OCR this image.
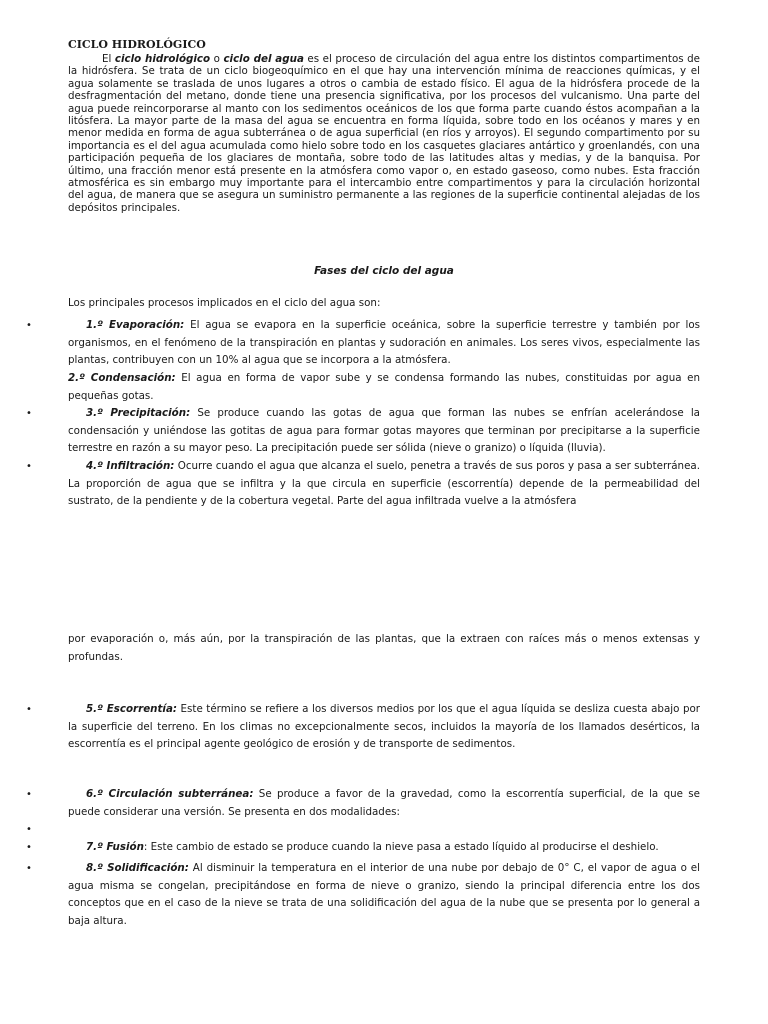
CICLO HIDROLÓGICO
El ciclo hidrológico o ciclo del agua es el proceso de circulación del agua entre los distintos compartimentos de la hidrósfera. Se trata de un ciclo biogeoquímico en el que hay una intervención mínima de reacciones químicas, y el agua solamente se traslada de unos lugares a otros o cambia de estado físico. El agua de la hidrósfera procede de la desfragmentación del metano, donde tiene una presencia significativa, por los procesos del vulcanismo. Una parte del agua puede reincorporarse al manto con los sedimentos oceánicos de los que forma parte cuando éstos acompañan a la litósfera. La mayor parte de la masa del agua se encuentra en forma líquida, sobre todo en los océanos y mares y en menor medida en forma de agua subterránea o de agua superficial (en ríos y arroyos). El segundo compartimento por su importancia es el del agua acumulada como hielo sobre todo en los casquetes glaciares antártico y groenlandés, con una participación pequeña de los glaciares de montaña, sobre todo de las latitudes altas y medias, y de la banquisa. Por último, una fracción menor está presente en la atmósfera como vapor o, en estado gaseoso, como nubes. Esta fracción atmosférica es sin embargo muy importante para el intercambio entre compartimentos y para la circulación horizontal del agua, de manera que se asegura un suministro permanente a las regiones de la superficie continental alejadas de los depósitos principales.
Fases del ciclo del agua
Los principales procesos implicados en el ciclo del agua son:
•	1.º Evaporación: El agua se evapora en la superficie oceánica, sobre la superficie terrestre y también por los organismos, en el fenómeno de la transpiración en plantas y sudoración en animales. Los seres vivos, especialmente las plantas, contribuyen con un 10% al agua que se incorpora a la atmósfera.
2.º Condensación: El agua en forma de vapor sube y se condensa formando las nubes, constituidas por agua en pequeñas gotas.
•	3.º Precipitación: Se produce cuando las gotas de agua que forman las nubes se enfrían acelerándose la condensación y uniéndose las gotitas de agua para formar gotas mayores que terminan por precipitarse a la superficie terrestre en razón a su mayor peso. La precipitación puede ser sólida (nieve o granizo) o líquida (lluvia).
•	4.º Infiltración: Ocurre cuando el agua que alcanza el suelo, penetra a través de sus poros y pasa a ser subterránea. La proporción de agua que se infiltra y la que circula en superficie (escorrentía) depende de la permeabilidad del sustrato, de la pendiente y de la cobertura vegetal. Parte del agua infiltrada vuelve a la atmósfera
por evaporación o, más aún, por la transpiración de las plantas, que la extraen con raíces más o menos extensas y profundas.
•	5.º Escorrentía: Este término se refiere a los diversos medios por los que el agua líquida se desliza cuesta abajo por la superficie del terreno. En los climas no excepcionalmente secos, incluidos la mayoría de los llamados desérticos, la escorrentía es el principal agente geológico de erosión y de transporte de sedimentos.
•	6.º Circulación subterránea: Se produce a favor de la gravedad, como la escorrentía superficial, de la que se puede considerar una versión. Se presenta en dos modalidades:
•
•	7.º Fusión: Este cambio de estado se produce cuando la nieve pasa a estado líquido al producirse el deshielo.
•	8.º Solidificación: Al disminuir la temperatura en el interior de una nube por debajo de 0° C, el vapor de agua o el agua misma se congelan, precipitándose en forma de nieve o granizo, siendo la principal diferencia entre los dos conceptos que en el caso de la nieve se trata de una solidificación del agua de la nube que se presenta por lo general a baja altura.
